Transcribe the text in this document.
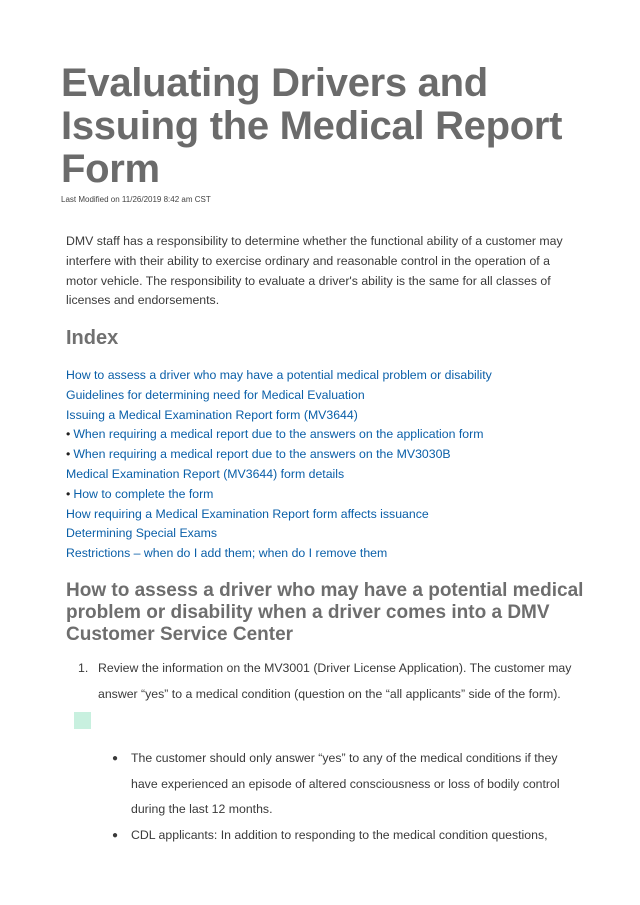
Evaluating Drivers and Issuing the Medical Report Form

Last Modified on 11/26/2019 8:42 am CST

DMV staff has a responsibility to determine whether the functional ability of a customer may interfere with their ability to exercise ordinary and reasonable control in the operation of a motor vehicle. The responsibility to evaluate a driver's ability is the same for all classes of licenses and endorsements.

Index
How to assess a driver who may have a potential medical problem or disability
Guidelines for determining need for Medical Evaluation
Issuing a Medical Examination Report form (MV3644)
• When requiring a medical report due to the answers on the application form
• When requiring a medical report due to the answers on the MV3030B
Medical Examination Report (MV3644) form details
• How to complete the form
How requiring a Medical Examination Report form affects issuance
Determining Special Exams
Restrictions – when do I add them; when do I remove them
How to assess a driver who may have a potential medical problem or disability when a driver comes into a DMV Customer Service Center
1. Review the information on the MV3001 (Driver License Application). The customer may answer “yes” to a medical condition (question on the “all applicants” side of the form).
●	The customer should only answer “yes” to any of the medical conditions if they have experienced an episode of altered consciousness or loss of bodily control during the last 12 months.
●	CDL applicants: In addition to responding to the medical condition questions,
